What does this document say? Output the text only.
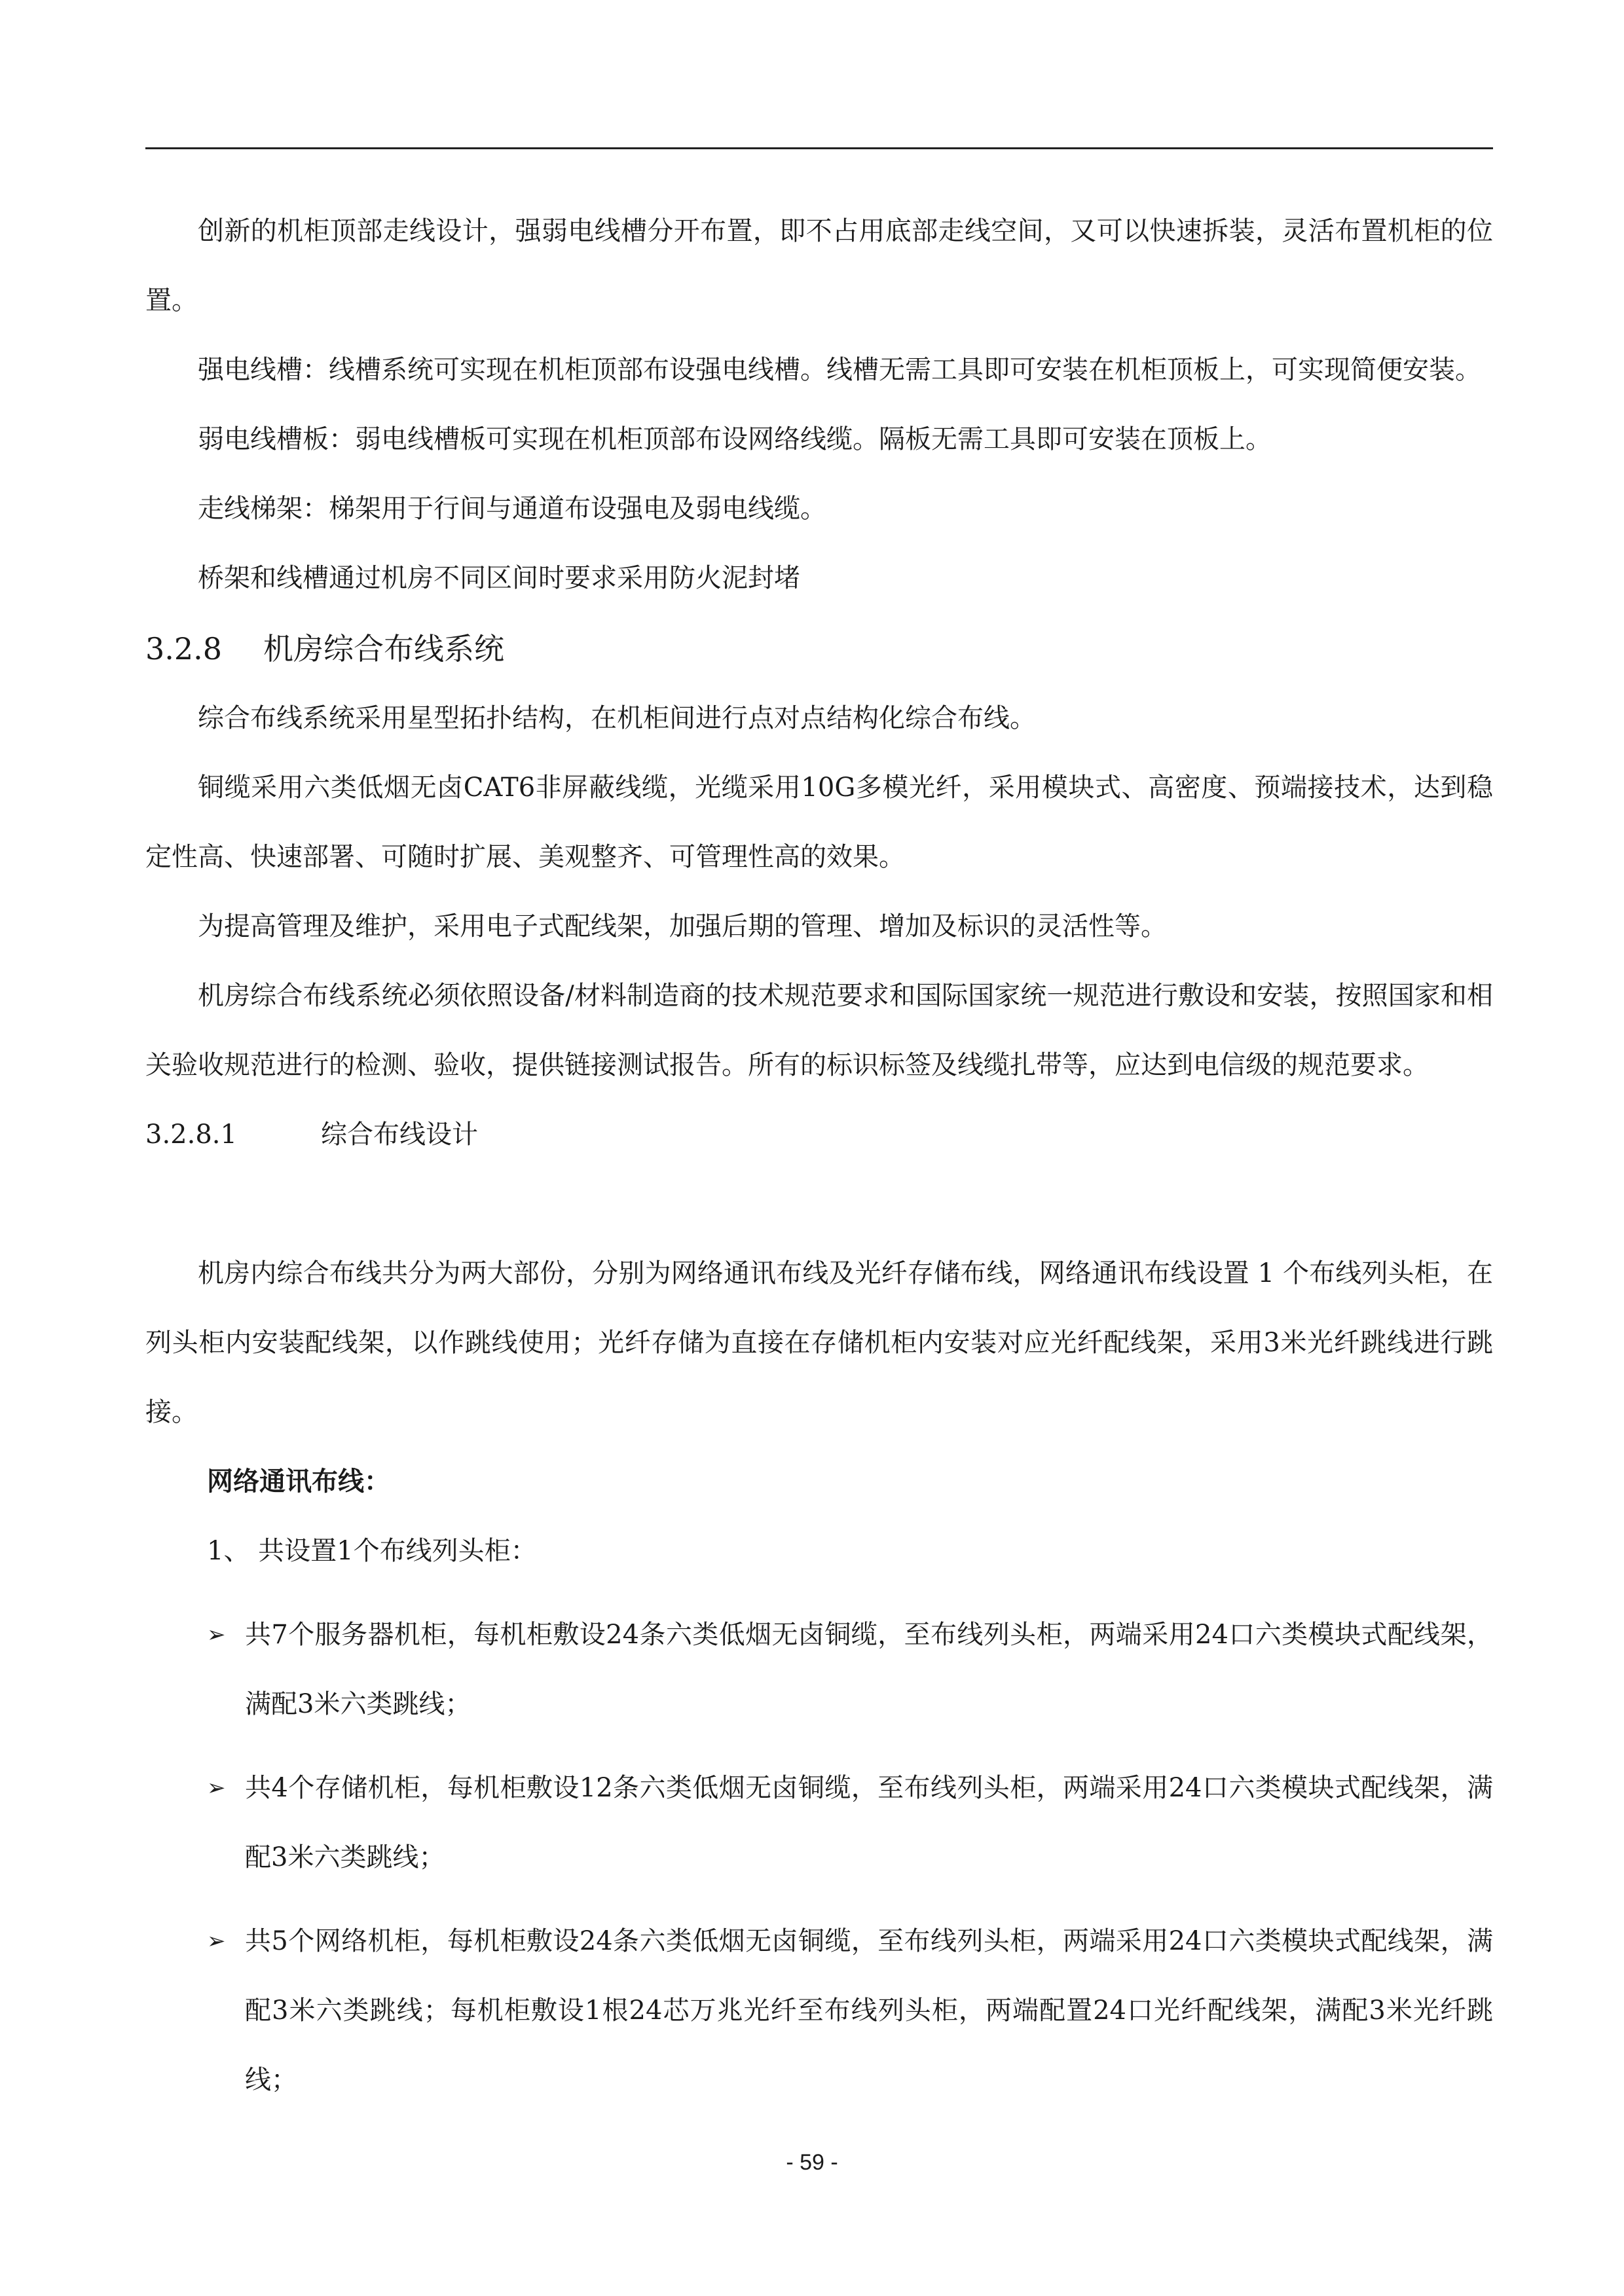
创新的机柜顶部走线设计，强弱电线槽分开布置，即不占用底部走线空间，又可以快速拆装，灵活布置机柜的位置。

强电线槽：线槽系统可实现在机柜顶部布设强电线槽。线槽无需工具即可安装在机柜顶板上，可实现简便安装。

弱电线槽板：弱电线槽板可实现在机柜顶部布设网络线缆。隔板无需工具即可安装在顶板上。

走线梯架：梯架用于行间与通道布设强电及弱电线缆。

桥架和线槽通过机房不同区间时要求采用防火泥封堵

3.2.8 机房综合布线系统

综合布线系统采用星型拓扑结构，在机柜间进行点对点结构化综合布线。

铜缆采用六类低烟无卤CAT6非屏蔽线缆，光缆采用10G多模光纤，采用模块式、高密度、预端接技术，达到稳定性高、快速部署、可随时扩展、美观整齐、可管理性高的效果。

为提高管理及维护，采用电子式配线架，加强后期的管理、增加及标识的灵活性等。

机房综合布线系统必须依照设备/材料制造商的技术规范要求和国际国家统一规范进行敷设和安装，按照国家和相关验收规范进行的检测、验收，提供链接测试报告。所有的标识标签及线缆扎带等，应达到电信级的规范要求。

3.2.8.1	综合布线设计

机房内综合布线共分为两大部份，分别为网络通讯布线及光纤存储布线，网络通讯布线设置 1 个布线列头柜，在列头柜内安装配线架，以作跳线使用；光纤存储为直接在存储机柜内安装对应光纤配线架，采用3米光纤跳线进行跳接。

网络通讯布线：

1、 共设置1个布线列头柜：

➢ 共7个服务器机柜，每机柜敷设24条六类低烟无卤铜缆，至布线列头柜，两端采用24口六类模块式配线架，满配3米六类跳线；

➢ 共4个存储机柜，每机柜敷设12条六类低烟无卤铜缆，至布线列头柜，两端采用24口六类模块式配线架，满配3米六类跳线；

➢ 共5个网络机柜，每机柜敷设24条六类低烟无卤铜缆，至布线列头柜，两端采用24口六类模块式配线架，满配3米六类跳线；每机柜敷设1根24芯万兆光纤至布线列头柜，两端配置24口光纤配线架，满配3米光纤跳线；

- 59 -
